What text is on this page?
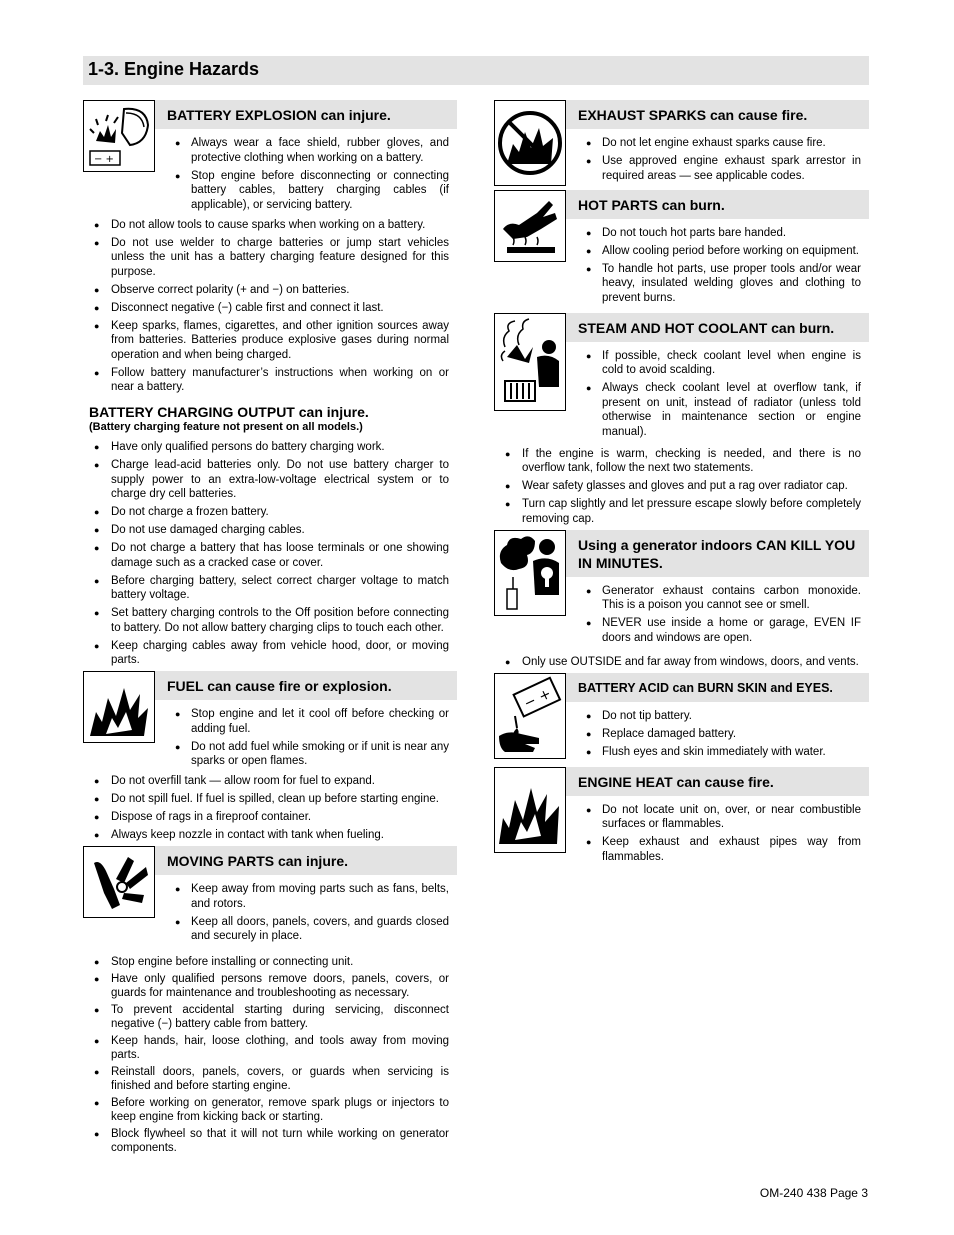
1-3. Engine Hazards
− +
BATTERY EXPLOSION can injure.
● Always wear a face shield, rubber gloves, and protective clothing when working on a battery.
● Stop engine before disconnecting or connecting battery cables, battery charging cables (if applicable), or servicing battery.
● Do not allow tools to cause sparks when working on a battery.
● Do not use welder to charge batteries or jump start vehicles unless the unit has a battery charging feature designed for this purpose.
● Observe correct polarity (+ and −) on batteries.
● Disconnect negative (−) cable first and connect it last.
● Keep sparks, flames, cigarettes, and other ignition sources away from batteries. Batteries produce explosive gases during normal operation and when being charged.
● Follow battery manufacturer’s instructions when working on or near a battery.
BATTERY CHARGING OUTPUT can injure.
(Battery charging feature not present on all models.)
● Have only qualified persons do battery charging work.
● Charge lead-acid batteries only. Do not use battery charger to supply power to an extra-low-voltage electrical system or to charge dry cell batteries.
● Do not charge a frozen battery.
● Do not use damaged charging cables.
● Do not charge a battery that has loose terminals or one showing damage such as a cracked case or cover.
● Before charging battery, select correct charger voltage to match battery voltage.
● Set battery charging controls to the Off position before connecting to battery. Do not allow battery charging clips to touch each other.
● Keep charging cables away from vehicle hood, door, or moving parts.
FUEL can cause fire or explosion.
● Stop engine and let it cool off before checking or adding fuel.
● Do not add fuel while smoking or if unit is near any sparks or open flames.
● Do not overfill tank — allow room for fuel to expand.
● Do not spill fuel. If fuel is spilled, clean up before starting engine.
● Dispose of rags in a fireproof container.
● Always keep nozzle in contact with tank when fueling.
MOVING PARTS can injure.
● Keep away from moving parts such as fans, belts, and rotors.
● Keep all doors, panels, covers, and guards closed and securely in place.
● Stop engine before installing or connecting unit.
● Have only qualified persons remove doors, panels, covers, or guards for maintenance and troubleshooting as necessary.
● To prevent accidental starting during servicing, disconnect negative (−) battery cable from battery.
● Keep hands, hair, loose clothing, and tools away from moving parts.
● Reinstall doors, panels, covers, or guards when servicing is finished and before starting engine.
● Before working on generator, remove spark plugs or injectors to keep engine from kicking back or starting.
● Block flywheel so that it will not turn while working on generator components.
EXHAUST SPARKS can cause fire.
● Do not let engine exhaust sparks cause fire.
● Use approved engine exhaust spark arrestor in required areas — see applicable codes.
HOT PARTS can burn.
● Do not touch hot parts bare handed.
● Allow cooling period before working on equipment.
● To handle hot parts, use proper tools and/or wear heavy, insulated welding gloves and clothing to prevent burns.
STEAM AND HOT COOLANT can burn.
● If possible, check coolant level when engine is cold to avoid scalding.
● Always check coolant level at overflow tank, if present on unit, instead of radiator (unless told otherwise in maintenance section or engine manual).
● If the engine is warm, checking is needed, and there is no overflow tank, follow the next two statements.
● Wear safety glasses and gloves and put a rag over radiator cap.
● Turn cap slightly and let pressure escape slowly before completely removing cap.
Using a generator indoors CAN KILL YOU IN MINUTES.
● Generator exhaust contains carbon monoxide. This is a poison you cannot see or smell.
● NEVER use inside a home or garage, EVEN IF doors and windows are open.
● Only use OUTSIDE and far away from windows, doors, and vents.
− +	BATTERY ACID can BURN SKIN and EYES.
● Do not tip battery.
● Replace damaged battery.
● Flush eyes and skin immediately with water.
ENGINE HEAT can cause fire.
● Do not locate unit on, over, or near combustible surfaces or flammables.
● Keep exhaust and exhaust pipes way from flammables.
OM-240 438 Page 3
